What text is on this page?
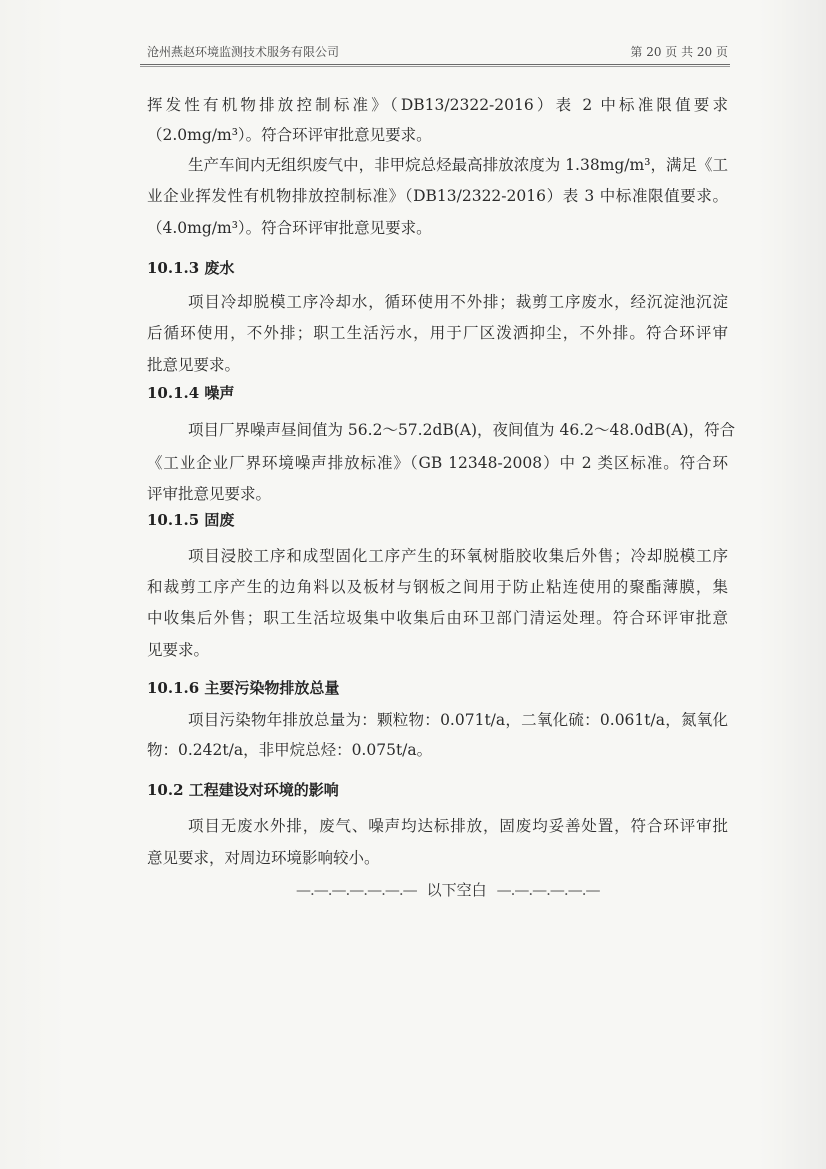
沧州燕赵环境监测技术服务有限公司	第 20 页 共 20 页
挥发性有机物排放控制标准》（DB13/2322-2016）表 2 中标准限值要求
（2.0mg/m³）。符合环评审批意见要求。
生产车间内无组织废气中，非甲烷总烃最高排放浓度为 1.38mg/m³，满足《工
业企业挥发性有机物排放控制标准》（DB13/2322-2016）表 3 中标准限值要求。
（4.0mg/m³）。符合环评审批意见要求。
10.1.3 废水
项目冷却脱模工序冷却水，循环使用不外排；裁剪工序废水，经沉淀池沉淀
后循环使用，不外排；职工生活污水，用于厂区泼洒抑尘，不外排。符合环评审
批意见要求。
10.1.4 噪声
项目厂界噪声昼间值为 56.2～57.2dB(A)，夜间值为 46.2～48.0dB(A)，符合
《工业企业厂界环境噪声排放标准》（GB 12348-2008）中 2 类区标准。符合环
评审批意见要求。
10.1.5 固废
项目浸胶工序和成型固化工序产生的环氧树脂胶收集后外售；冷却脱模工序
和裁剪工序产生的边角料以及板材与钢板之间用于防止粘连使用的聚酯薄膜，集
中收集后外售；职工生活垃圾集中收集后由环卫部门清运处理。符合环评审批意
见要求。
10.1.6 主要污染物排放总量
项目污染物年排放总量为：颗粒物：0.071t/a，二氧化硫：0.061t/a，氮氧化
物：0.242t/a，非甲烷总烃：0.075t/a。
10.2 工程建设对环境的影响
项目无废水外排，废气、噪声均达标排放，固废均妥善处置，符合环评审批
意见要求，对周边环境影响较小。
—.—.—.—.—.—.— 以下空白 —.—.—.—.—.—
